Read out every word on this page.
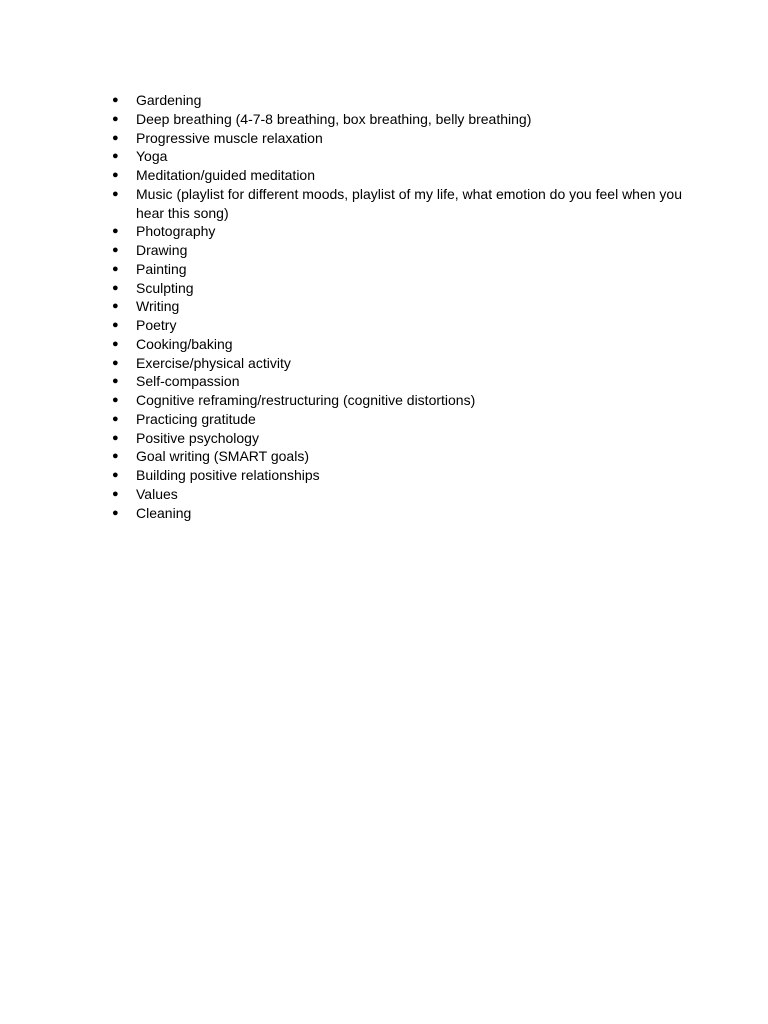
● Gardening
● Deep breathing (4-7-8 breathing, box breathing, belly breathing)
● Progressive muscle relaxation
● Yoga
● Meditation/guided meditation
● Music (playlist for different moods, playlist of my life, what emotion do you feel when you hear this song)
● Photography
● Drawing
● Painting
● Sculpting
● Writing
● Poetry
● Cooking/baking
● Exercise/physical activity
● Self-compassion
● Cognitive reframing/restructuring (cognitive distortions)
● Practicing gratitude
● Positive psychology
● Goal writing (SMART goals)
● Building positive relationships
● Values
● Cleaning
